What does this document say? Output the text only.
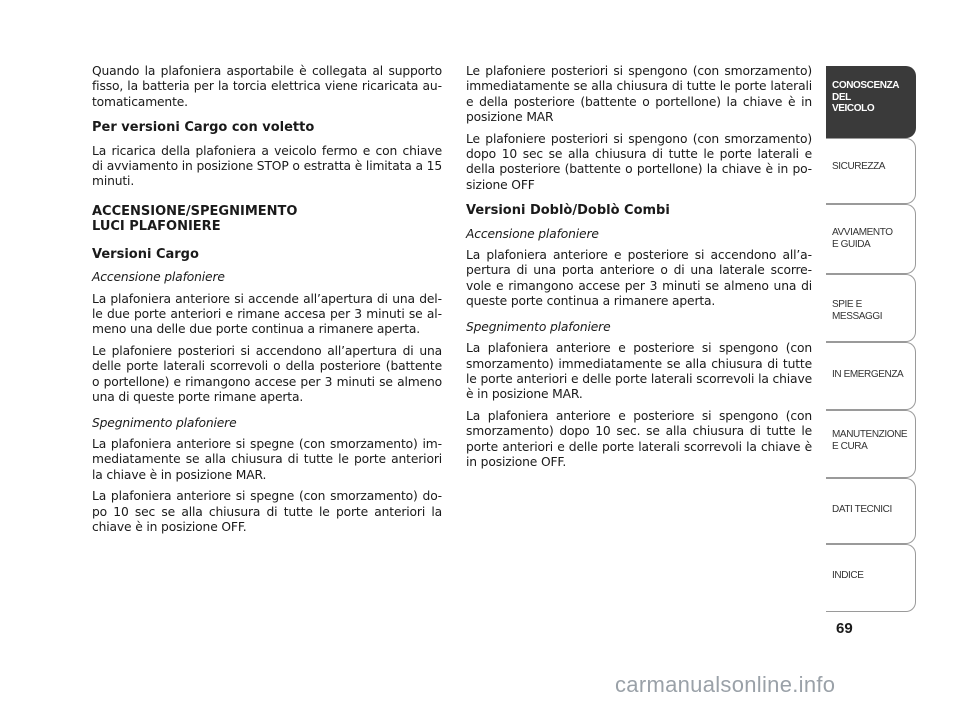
Quando la plafoniera asportabile è collegata al supporto fisso, la batteria per la torcia elettrica viene ricaricata automaticamente.

Per versioni Cargo con voletto

La ricarica della plafoniera a veicolo fermo e con chiave di avviamento in posizione STOP o estratta è limitata a 15 minuti.

ACCENSIONE/SPEGNIMENTO
LUCI PLAFONIERE

Versioni Cargo

Accensione plafoniere

La plafoniera anteriore si accende all’apertura di una delle due porte anteriori e rimane accesa per 3 minuti se almeno una delle due porte continua a rimanere aperta.

Le plafoniere posteriori si accendono all’apertura di una delle porte laterali scorrevoli o della posteriore (battente o portellone) e rimangono accese per 3 minuti se almeno una di queste porte rimane aperta.

Spegnimento plafoniere

La plafoniera anteriore si spegne (con smorzamento) immediatamente se alla chiusura di tutte le porte anteriori la chiave è in posizione MAR.

La plafoniera anteriore si spegne (con smorzamento) dopo 10 sec se alla chiusura di tutte le porte anteriori la chiave è in posizione OFF.

Le plafoniere posteriori si spengono (con smorzamento) immediatamente se alla chiusura di tutte le porte laterali e della posteriore (battente o portellone) la chiave è in posizione MAR

Le plafoniere posteriori si spengono (con smorzamento) dopo 10 sec se alla chiusura di tutte le porte laterali e della posteriore (battente o portellone) la chiave è in posizione OFF

Versioni Doblò/Doblò Combi

Accensione plafoniere

La plafoniera anteriore e posteriore si accendono all’apertura di una porta anteriore o di una laterale scorrevole e rimangono accese per 3 minuti se almeno una di queste porte continua a rimanere aperta.

Spegnimento plafoniere

La plafoniera anteriore e posteriore si spengono (con smorzamento) immediatamente se alla chiusura di tutte le porte anteriori e delle porte laterali scorrevoli la chiave è in posizione MAR.

La plafoniera anteriore e posteriore si spengono (con smorzamento) dopo 10 sec. se alla chiusura di tutte le porte anteriori e delle porte laterali scorrevoli la chiave è in posizione OFF.

CONOSCENZA
DEL
VEICOLO
SICUREZZA
AVVIAMENTO
E GUIDA
SPIE E
MESSAGGI
IN EMERGENZA
MANUTENZIONE
E CURA
DATI TECNICI
INDICE
69
carmanualsonline.info
